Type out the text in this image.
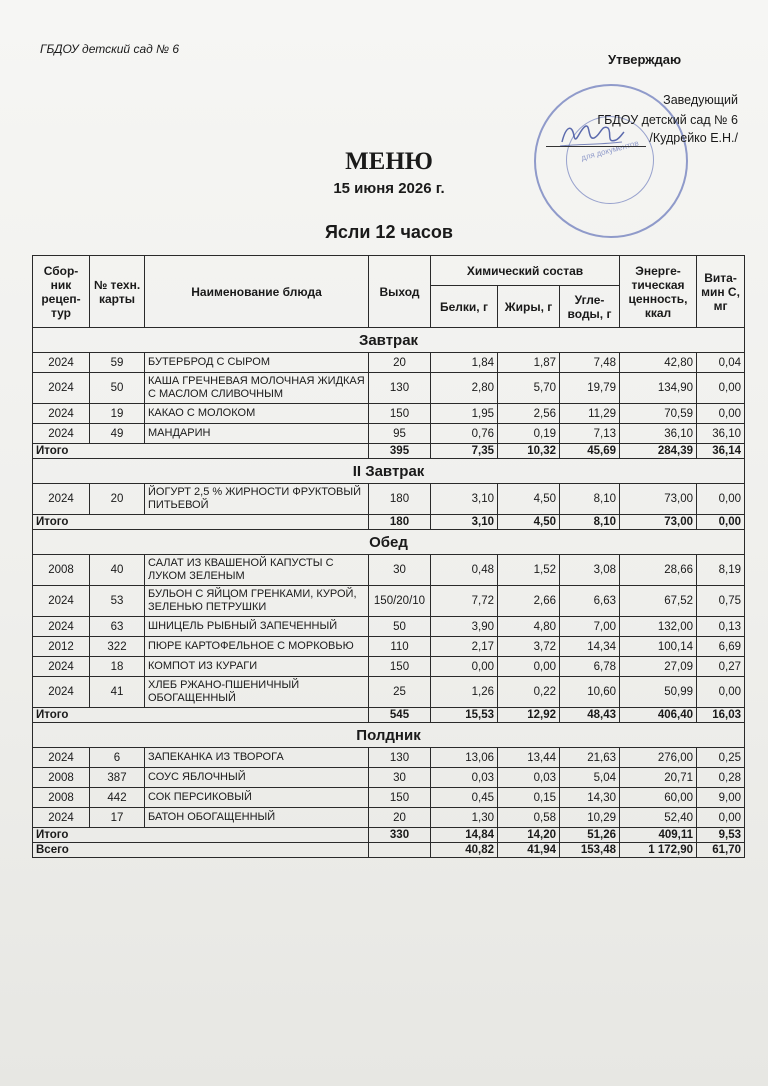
ГБДОУ детский сад № 6
Утверждаю
для документов
Заведующий
ГБДОУ детский сад № 6
/Кудрейко Е.Н./
МЕНЮ
15 июня 2026 г.
Ясли 12 часов
Сбор-ник рецеп-тур	№ техн. карты	Наименование блюда	Выход	Химический состав			Энерге-тическая ценность, ккал	Вита-мин С, мг
				Белки, г	Жиры, г	Угле-воды, г		
Завтрак								
2024	59	БУТЕРБРОД С СЫРОМ	20	1,84	1,87	7,48	42,80	0,04
2024	50	КАША ГРЕЧНЕВАЯ МОЛОЧНАЯ ЖИДКАЯ С МАСЛОМ СЛИВОЧНЫМ	130	2,80	5,70	19,79	134,90	0,00
2024	19	КАКАО С МОЛОКОМ	150	1,95	2,56	11,29	70,59	0,00
2024	49	МАНДАРИН	95	0,76	0,19	7,13	36,10	36,10
Итого			395	7,35	10,32	45,69	284,39	36,14
II Завтрак								
2024	20	ЙОГУРТ 2,5 % ЖИРНОСТИ ФРУКТОВЫЙ ПИТЬЕВОЙ	180	3,10	4,50	8,10	73,00	0,00
Итого			180	3,10	4,50	8,10	73,00	0,00
Обед								
2008	40	САЛАТ ИЗ КВАШЕНОЙ КАПУСТЫ С ЛУКОМ ЗЕЛЕНЫМ	30	0,48	1,52	3,08	28,66	8,19
2024	53	БУЛЬОН С ЯЙЦОМ ГРЕНКАМИ, КУРОЙ, ЗЕЛЕНЬЮ ПЕТРУШКИ	150/20/10	7,72	2,66	6,63	67,52	0,75
2024	63	ШНИЦЕЛЬ РЫБНЫЙ ЗАПЕЧЕННЫЙ	50	3,90	4,80	7,00	132,00	0,13
2012	322	ПЮРЕ КАРТОФЕЛЬНОЕ С МОРКОВЬЮ	110	2,17	3,72	14,34	100,14	6,69
2024	18	КОМПОТ ИЗ КУРАГИ	150	0,00	0,00	6,78	27,09	0,27
2024	41	ХЛЕБ РЖАНО-ПШЕНИЧНЫЙ ОБОГАЩЕННЫЙ	25	1,26	0,22	10,60	50,99	0,00
Итого			545	15,53	12,92	48,43	406,40	16,03
Полдник								
2024	6	ЗАПЕКАНКА ИЗ ТВОРОГА	130	13,06	13,44	21,63	276,00	0,25
2008	387	СОУС ЯБЛОЧНЫЙ	30	0,03	0,03	5,04	20,71	0,28
2008	442	СОК ПЕРСИКОВЫЙ	150	0,45	0,15	14,30	60,00	9,00
2024	17	БАТОН ОБОГАЩЕННЫЙ	20	1,30	0,58	10,29	52,40	0,00
Итого			330	14,84	14,20	51,26	409,11	9,53
Всего				40,82	41,94	153,48	1 172,90	61,70
